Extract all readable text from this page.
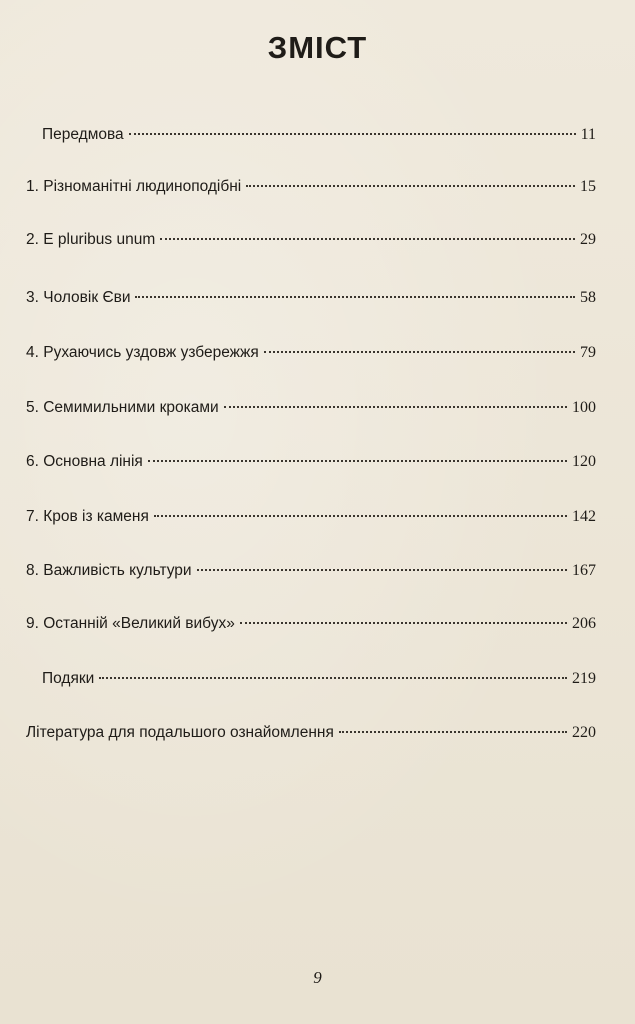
ЗМІСТ
Передмова	11
1. Різноманітні людиноподібні	15
2. E pluribus unum	29
3. Чоловік Єви	58
4. Рухаючись уздовж узбережжя	79
5. Семимильними кроками	100
6. Основна лінія	120
7. Кров із каменя	142
8. Важливість культури	167
9. Останній «Великий вибух»	206
Подяки	219
Література для подальшого ознайомлення	220
9
